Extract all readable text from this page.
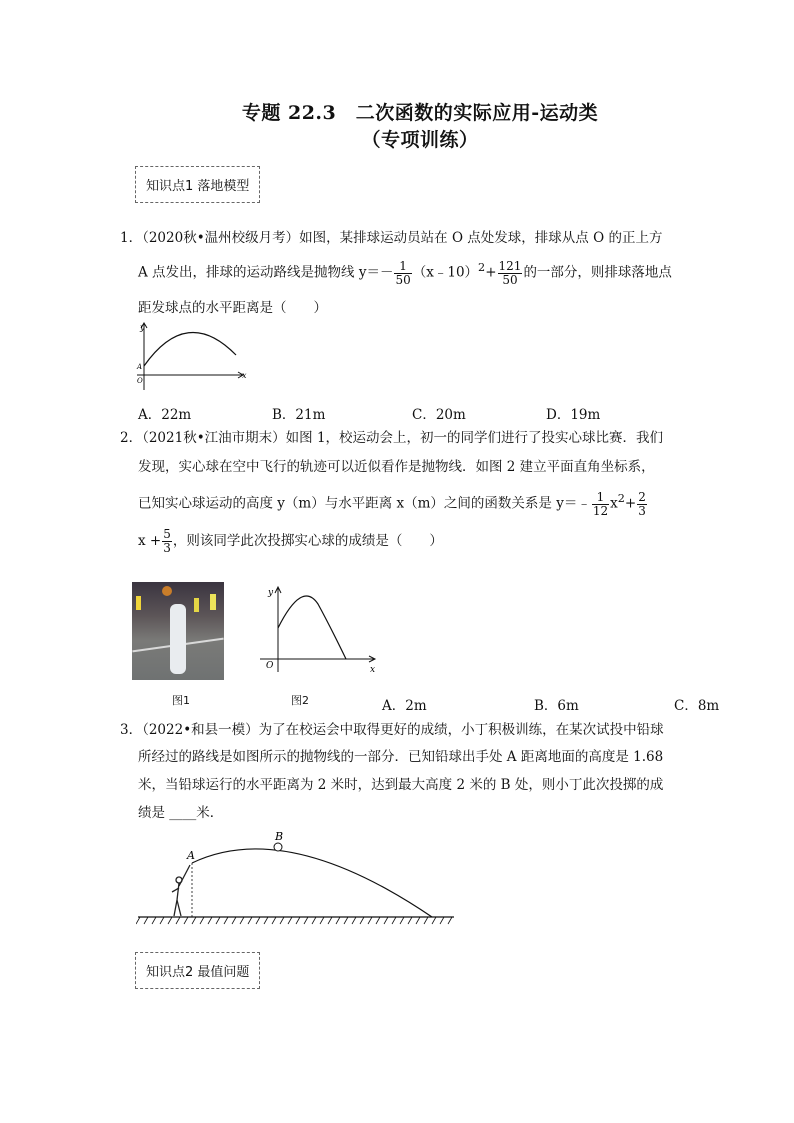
专题 22.3　二次函数的实际应用-运动类
（专项训练）
知识点1 落地模型
1．（2020秋•温州校级月考）如图，某排球运动员站在 O 点处发球，排球从点 O 的正上方
A 点发出，排球的运动路线是抛物线 $y=- \frac{1}{50}$ （x﹣10）$^2$+ $\frac{121}{50}$ 的一部分，则排球落地点
距发球点的水平距离是（　　）
y
x
A
O
A．22m	B．21m	C．20m	D．19m
2．（2021秋•江油市期末）如图 1，校运动会上，初一的同学们进行了投实心球比赛．我们
发现，实心球在空中飞行的轨迹可以近似看作是抛物线．如图 2 建立平面直角坐标系，
已知实心球运动的高度 y（m）与水平距离 x（m）之间的函数关系是 y＝﹣ $\frac{1}{12} x^2+ \frac{2}{3}$
$x + \frac{5}{3}$ ，则该同学此次投掷实心球的成绩是（　　）
图1
y
x
O
图2	A．2m	B．6m	C．8m
3．（2022•和县一模）为了在校运会中取得更好的成绩，小丁积极训练，在某次试投中铅球
所经过的路线是如图所示的抛物线的一部分．已知铅球出手处 A 距离地面的高度是 1.68
米，当铅球运行的水平距离为 2 米时，达到最大高度 2 米的 B 处，则小丁此次投掷的成
绩是 ____米．
A
B
知识点2 最值问题
